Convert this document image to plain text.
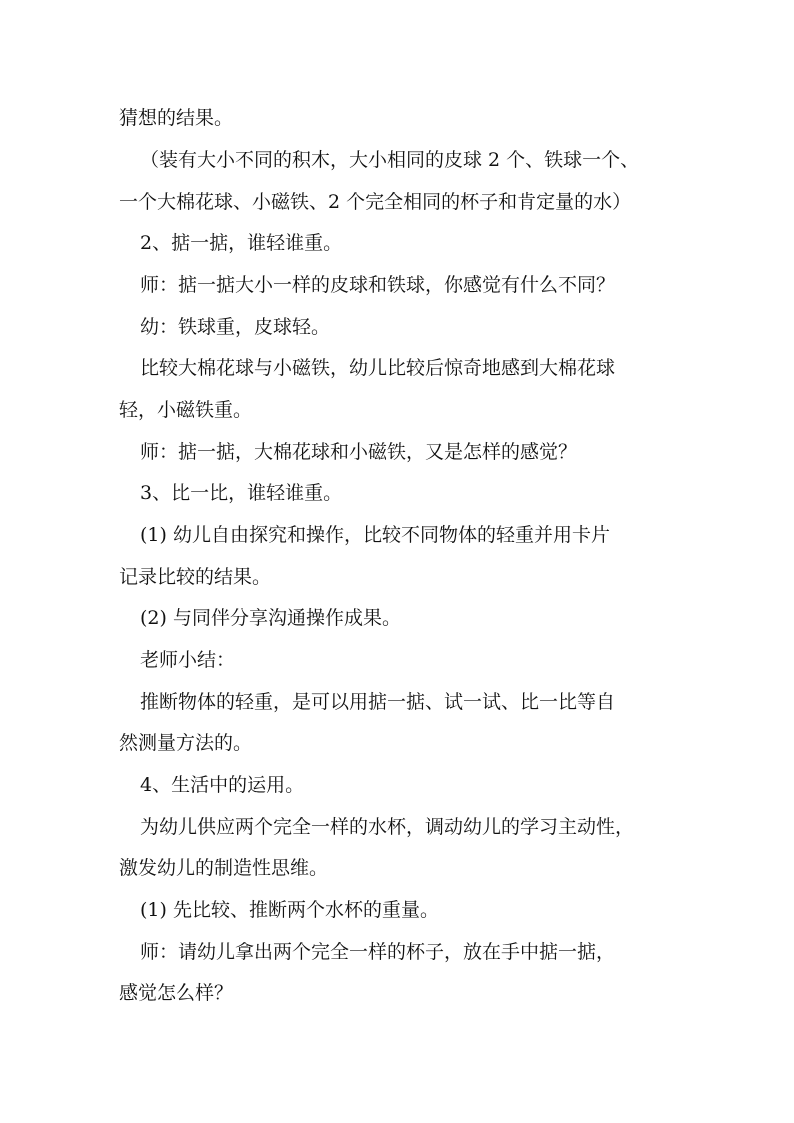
猜想的结果。
（装有大小不同的积木，大小相同的皮球 2 个、铁球一个、
一个大棉花球、小磁铁、2 个完全相同的杯子和肯定量的水）
2、掂一掂，谁轻谁重。
师：掂一掂大小一样的皮球和铁球，你感觉有什么不同？
幼：铁球重，皮球轻。
比较大棉花球与小磁铁，幼儿比较后惊奇地感到大棉花球
轻，小磁铁重。
师：掂一掂，大棉花球和小磁铁，又是怎样的感觉？
3、比一比，谁轻谁重。
(1) 幼儿自由探究和操作，比较不同物体的轻重并用卡片
记录比较的结果。
(2) 与同伴分享沟通操作成果。
老师小结：
推断物体的轻重，是可以用掂一掂、试一试、比一比等自
然测量方法的。
4、生活中的运用。
为幼儿供应两个完全一样的水杯，调动幼儿的学习主动性，
激发幼儿的制造性思维。
(1) 先比较、推断两个水杯的重量。
师：请幼儿拿出两个完全一样的杯子，放在手中掂一掂，
感觉怎么样？
